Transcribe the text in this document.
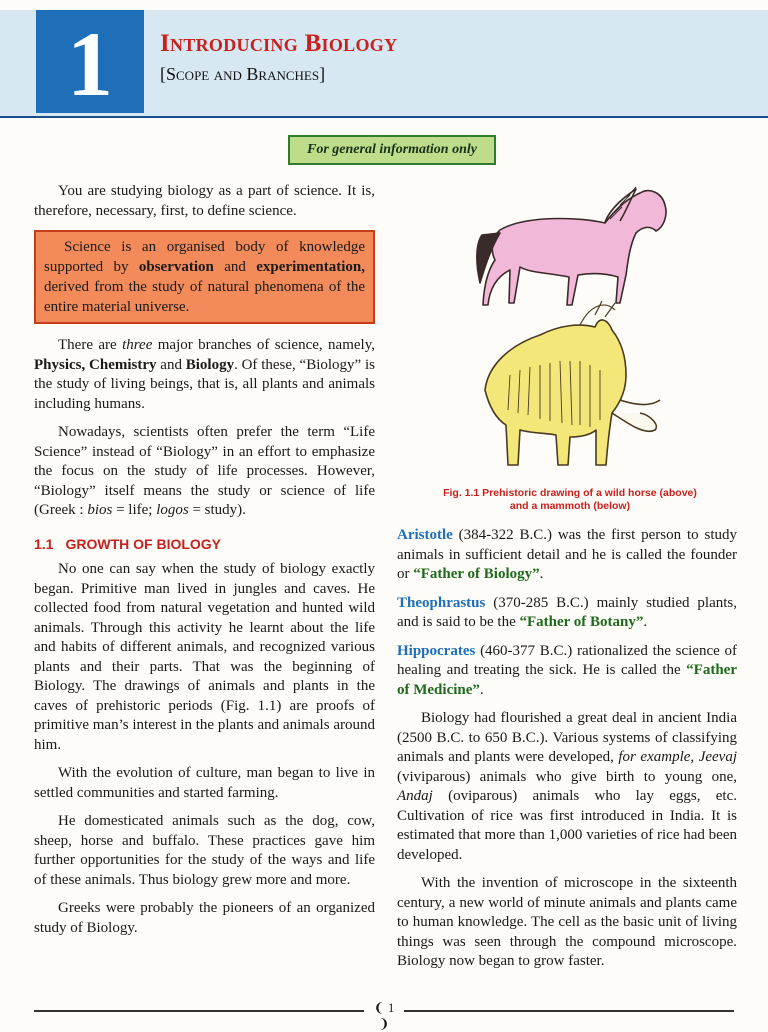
1	Introducing Biology
[Scope and Branches]
For general information only

You are studying biology as a part of science. It is, therefore, necessary, first, to define science.

Science is an organised body of knowledge supported by observation and experimentation, derived from the study of natural phenomena of the entire material universe.

There are three major branches of science, namely, Physics, Chemistry and Biology. Of these, “Biology” is the study of living beings, that is, all plants and animals including humans.

Nowadays, scientists often prefer the term “Life Science” instead of “Biology” in an effort to emphasize the focus on the study of life processes. However, “Biology” itself means the study or science of life (Greek : bios = life; logos = study).

1.1 GROWTH OF BIOLOGY

No one can say when the study of biology exactly began. Primitive man lived in jungles and caves. He collected food from natural vegetation and hunted wild animals. Through this activity he learnt about the life and habits of different animals, and recognized various plants and their parts. That was the beginning of Biology. The drawings of animals and plants in the caves of prehistoric periods (Fig. 1.1) are proofs of primitive man’s interest in the plants and animals around him.

With the evolution of culture, man began to live in settled communities and started farming.

He domesticated animals such as the dog, cow, sheep, horse and buffalo. These practices gave him further opportunities for the study of the ways and life of these animals. Thus biology grew more and more.

Greeks were probably the pioneers of an organized study of Biology.

Fig. 1.1 Prehistoric drawing of a wild horse (above)
and a mammoth (below)

Aristotle (384-322 B.C.) was the first person to study animals in sufficient detail and he is called the founder or “Father of Biology”.

Theophrastus (370-285 B.C.) mainly studied plants, and is said to be the “Father of Botany”.

Hippocrates (460-377 B.C.) rationalized the science of healing and treating the sick. He is called the “Father of Medicine”.

Biology had flourished a great deal in ancient India (2500 B.C. to 650 B.C.). Various systems of classifying animals and plants were developed, for example, Jeevaj (viviparous) animals who give birth to young one, Andaj (oviparous) animals who lay eggs, etc. Cultivation of rice was first introduced in India. It is estimated that more than 1,000 varieties of rice had been developed.

With the invention of microscope in the sixteenth century, a new world of minute animals and plants came to human knowledge. The cell as the basic unit of living things was seen through the compound microscope. Biology now began to grow faster.

❨ 1 ❩
